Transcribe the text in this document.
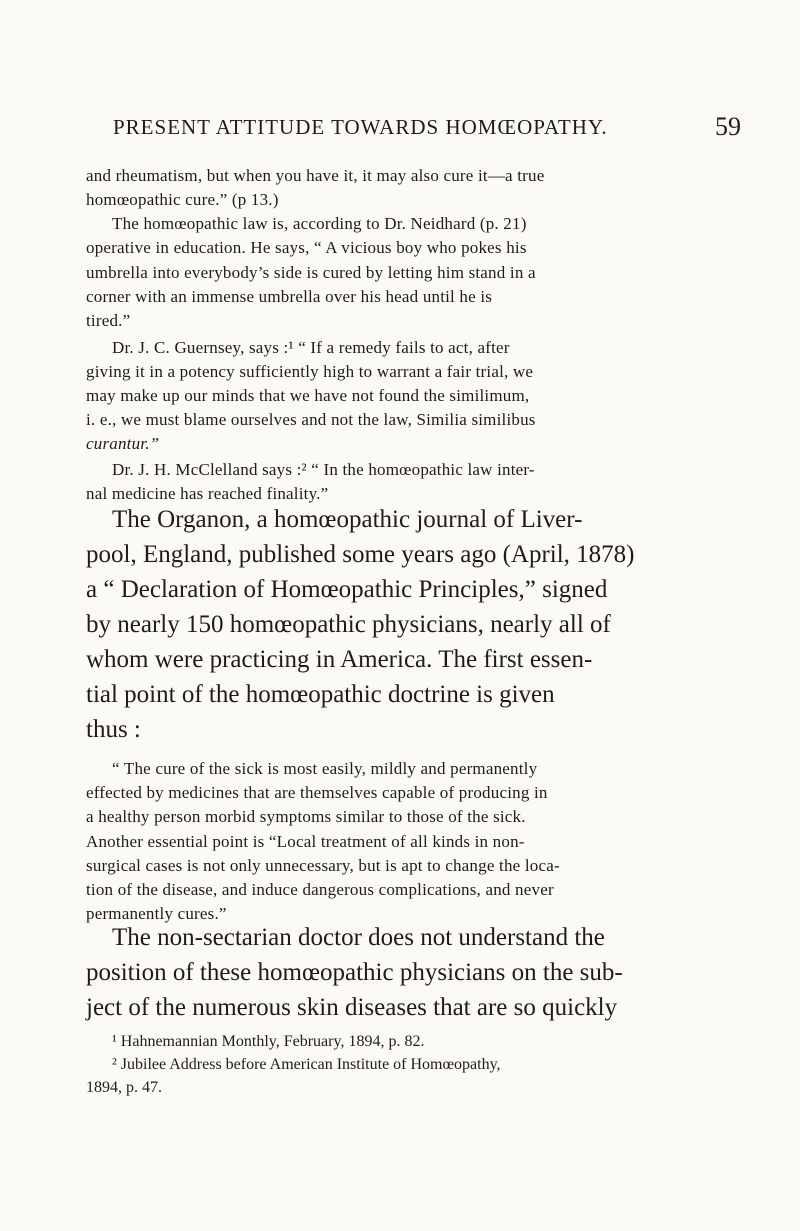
PRESENT ATTITUDE TOWARDS HOMŒOPATHY.	59
and rheumatism, but when you have it, it may also cure it—a true
homœopathic cure.” (p 13.)
The homœopathic law is, according to Dr. Neidhard (p. 21)
operative in education. He says, “ A vicious boy who pokes his
umbrella into everybody’s side is cured by letting him stand in a
corner with an immense umbrella over his head until he is
tired.”
Dr. J. C. Guernsey, says :¹ “ If a remedy fails to act, after
giving it in a potency sufficiently high to warrant a fair trial, we
may make up our minds that we have not found the similimum,
i. e., we must blame ourselves and not the law, Similia similibus
curantur.”
Dr. J. H. McClelland says :² “ In the homœopathic law inter-
nal medicine has reached finality.”
The Organon, a homœopathic journal of Liver-
pool, England, published some years ago (April, 1878)
a “ Declaration of Homœopathic Principles,” signed
by nearly 150 homœopathic physicians, nearly all of
whom were practicing in America. The first essen-
tial point of the homœopathic doctrine is given
thus :
“ The cure of the sick is most easily, mildly and permanently
effected by medicines that are themselves capable of producing in
a healthy person morbid symptoms similar to those of the sick.
Another essential point is “Local treatment of all kinds in non-
surgical cases is not only unnecessary, but is apt to change the loca-
tion of the disease, and induce dangerous complications, and never
permanently cures.”
The non-sectarian doctor does not understand the
position of these homœopathic physicians on the sub-
ject of the numerous skin diseases that are so quickly
¹ Hahnemannian Monthly, February, 1894, p. 82.
² Jubilee Address before American Institute of Homœopathy,
1894, p. 47.
